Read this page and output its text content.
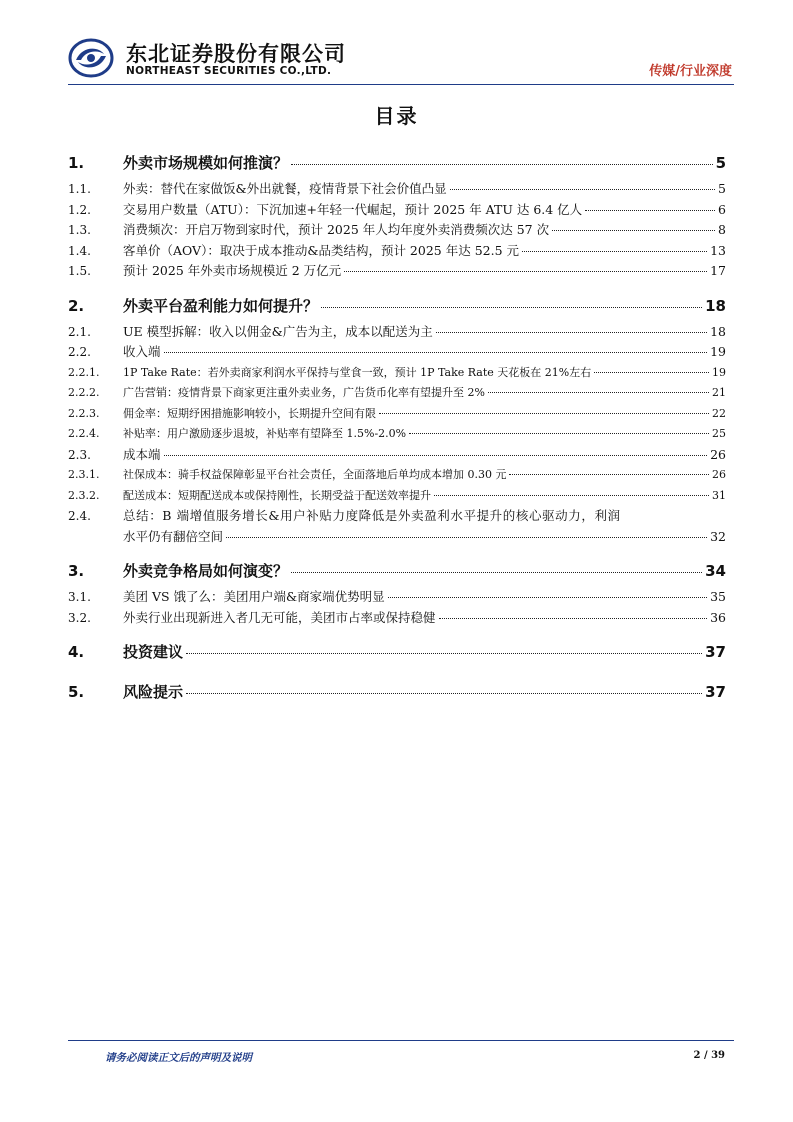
东北证券股份有限公司
NORTHEAST SECURITIES CO.,LTD.	传媒/行业深度
目录
1.	外卖市场规模如何推演？	5
1.1.	外卖：替代在家做饭&外出就餐，疫情背景下社会价值凸显	5
1.2.	交易用户数量（ATU）：下沉加速+年轻一代崛起，预计 2025 年 ATU 达 6.4 亿人	6
1.3.	消费频次：开启万物到家时代，预计 2025 年人均年度外卖消费频次达 57 次	8
1.4.	客单价（AOV）：取决于成本推动&品类结构，预计 2025 年达 52.5 元	13
1.5.	预计 2025 年外卖市场规模近 2 万亿元	17
2.	外卖平台盈利能力如何提升？	18
2.1.	UE 模型拆解：收入以佣金&广告为主，成本以配送为主	18
2.2.	收入端	19
2.2.1.	1P Take Rate：若外卖商家利润水平保持与堂食一致，预计 1P Take Rate 天花板在 21%左右	19
2.2.2.	广告营销：疫情背景下商家更注重外卖业务，广告货币化率有望提升至 2%	21
2.2.3.	佣金率：短期纾困措施影响较小，长期提升空间有限	22
2.2.4.	补贴率：用户激励逐步退坡，补贴率有望降至 1.5%-2.0%	25
2.3.	成本端	26
2.3.1.	社保成本：骑手权益保障彰显平台社会责任，全面落地后单均成本增加 0.30 元	26
2.3.2.	配送成本：短期配送成本或保持刚性，长期受益于配送效率提升	31
2.4.	总结：B 端增值服务增长&用户补贴力度降低是外卖盈利水平提升的核心驱动力，利润
水平仍有翻倍空间	32
3.	外卖竞争格局如何演变？	34
3.1.	美团 VS 饿了么：美团用户端&商家端优势明显	35
3.2.	外卖行业出现新进入者几无可能，美团市占率或保持稳健	36
4.	投资建议	37
5.	风险提示	37
请务必阅读正文后的声明及说明	2 / 39
